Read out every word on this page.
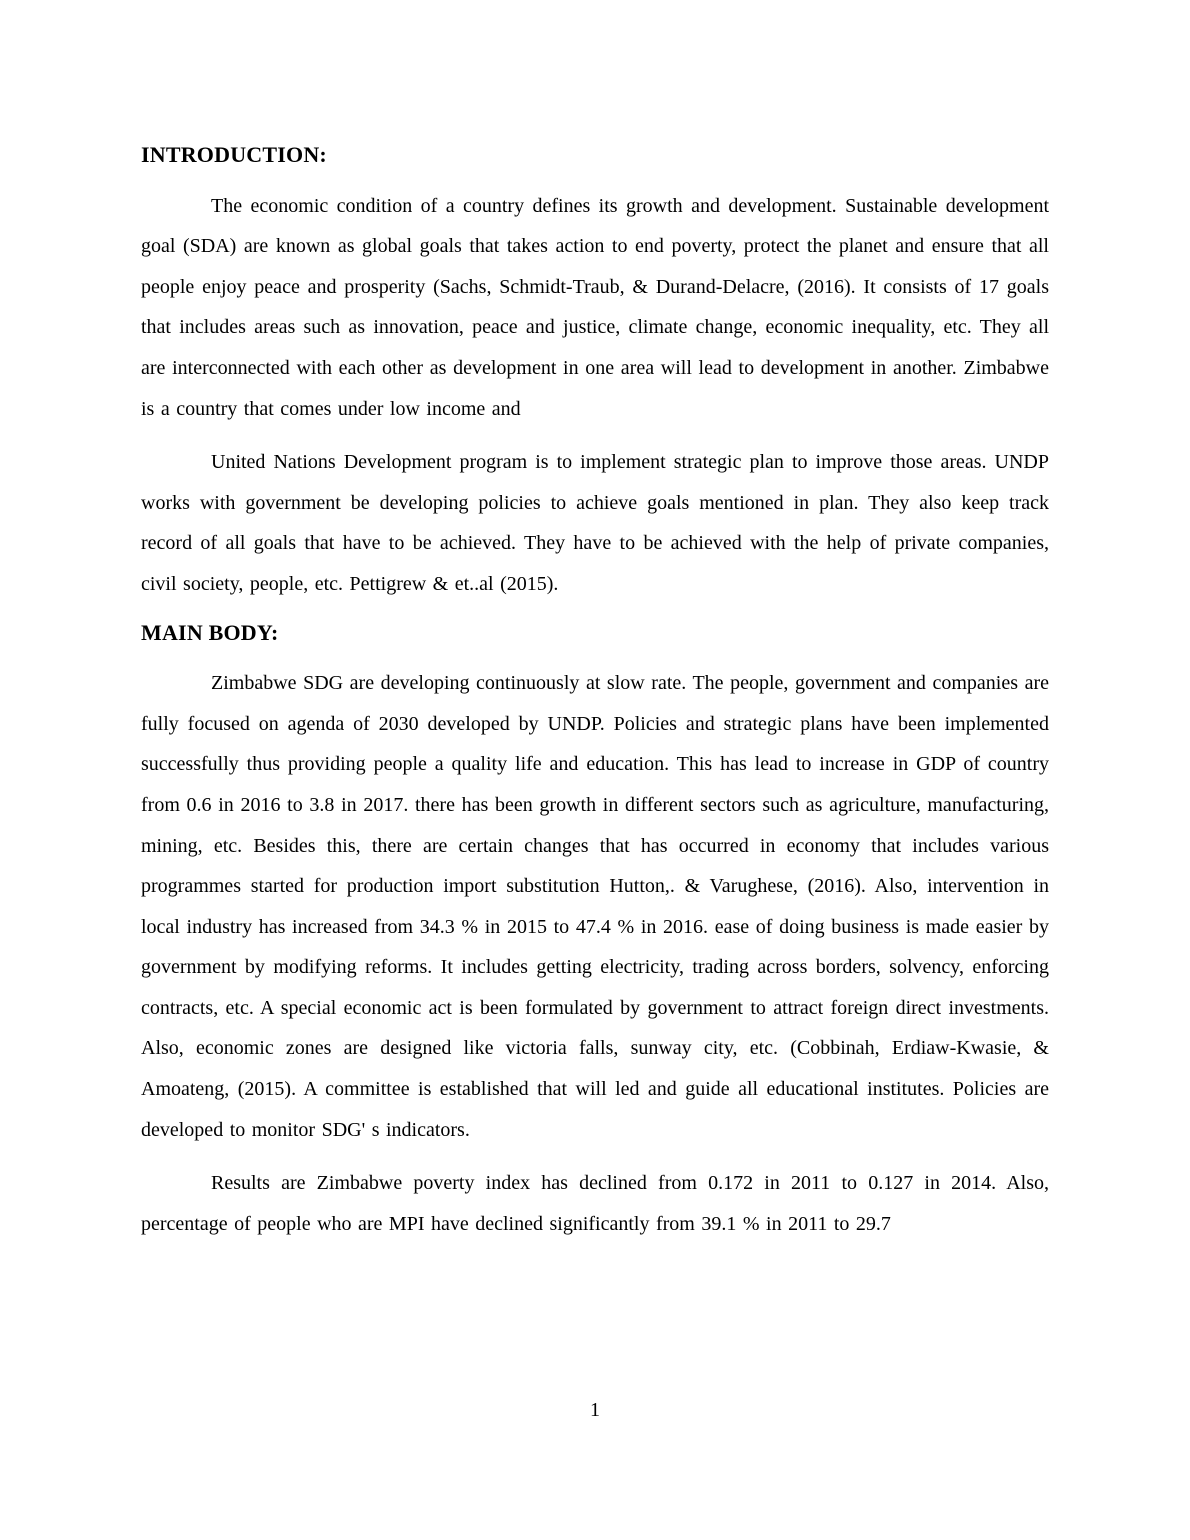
INTRODUCTION:

The economic condition of a country defines its growth and development. Sustainable development goal (SDA) are known as global goals that takes action to end poverty, protect the planet and ensure that all people enjoy peace and prosperity (Sachs, Schmidt-Traub, & Durand-Delacre, (2016). It consists of 17 goals that includes areas such as innovation, peace and justice, climate change, economic inequality, etc. They all are interconnected with each other as development in one area will lead to development in another. Zimbabwe is a country that comes under low income and

United Nations Development program is to implement strategic plan to improve those areas. UNDP works with government be developing policies to achieve goals mentioned in plan. They also keep track record of all goals that have to be achieved. They have to be achieved with the help of private companies, civil society, people, etc. Pettigrew & et..al (2015).

MAIN BODY:

Zimbabwe SDG are developing continuously at slow rate. The people, government and companies are fully focused on agenda of 2030 developed by UNDP. Policies and strategic plans have been implemented successfully thus providing people a quality life and education. This has lead to increase in GDP of country from 0.6 in 2016 to 3.8 in 2017. there has been growth in different sectors such as agriculture, manufacturing, mining, etc. Besides this, there are certain changes that has occurred in economy that includes various programmes started for production import substitution Hutton,. & Varughese, (2016). Also, intervention in local industry has increased from 34.3 % in 2015 to 47.4 % in 2016. ease of doing business is made easier by government by modifying reforms. It includes getting electricity, trading across borders, solvency, enforcing contracts, etc. A special economic act is been formulated by government to attract foreign direct investments. Also, economic zones are designed like victoria falls, sunway city, etc. (Cobbinah, Erdiaw-Kwasie, & Amoateng, (2015). A committee is established that will led and guide all educational institutes. Policies are developed to monitor SDG' s indicators.

Results are Zimbabwe poverty index has declined from 0.172 in 2011 to 0.127 in 2014. Also, percentage of people who are MPI have declined significantly from 39.1 % in 2011 to 29.7

1
